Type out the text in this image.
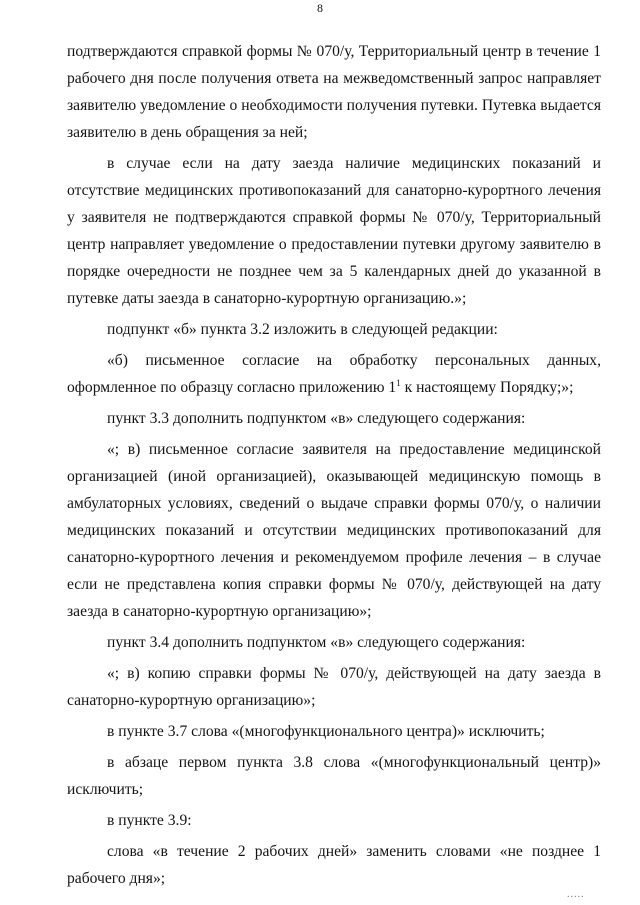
8

подтверждаются справкой формы № 070/у, Территориальный центр в течение 1 рабочего дня после получения ответа на межведомственный запрос направляет заявителю уведомление о необходимости получения путевки. Путевка выдается заявителю в день обращения за ней;

в случае если на дату заезда наличие медицинских показаний и отсутствие медицинских противопоказаний для санаторно-курортного лечения у заявителя не подтверждаются справкой формы № 070/у, Территориальный центр направляет уведомление о предоставлении путевки другому заявителю в порядке очередности не позднее чем за 5 календарных дней до указанной в путевке даты заезда в санаторно-курортную организацию.»;

подпункт «б» пункта 3.2 изложить в следующей редакции:

«б) письменное согласие на обработку персональных данных, оформленное по образцу согласно приложению $1^1$ к настоящему Порядку;»;

пункт 3.3 дополнить подпунктом «в» следующего содержания:

«; в) письменное согласие заявителя на предоставление медицинской организацией (иной организацией), оказывающей медицинскую помощь в амбулаторных условиях, сведений о выдаче справки формы 070/у, о наличии медицинских показаний и отсутствии медицинских противопоказаний для санаторно-курортного лечения и рекомендуемом профиле лечения – в случае если не представлена копия справки формы № 070/у, действующей на дату заезда в санаторно-курортную организацию»;

пункт 3.4 дополнить подпунктом «в» следующего содержания:

«; в) копию справки формы № 070/у, действующей на дату заезда в санаторно-курортную организацию»;

в пункте 3.7 слова «(многофункционального центра)» исключить;

в абзаце первом пункта 3.8 слова «(многофункциональный центр)» исключить;

в пункте 3.9:

слова «в течение 2 рабочих дней» заменить словами «не позднее 1 рабочего дня»;

.....
